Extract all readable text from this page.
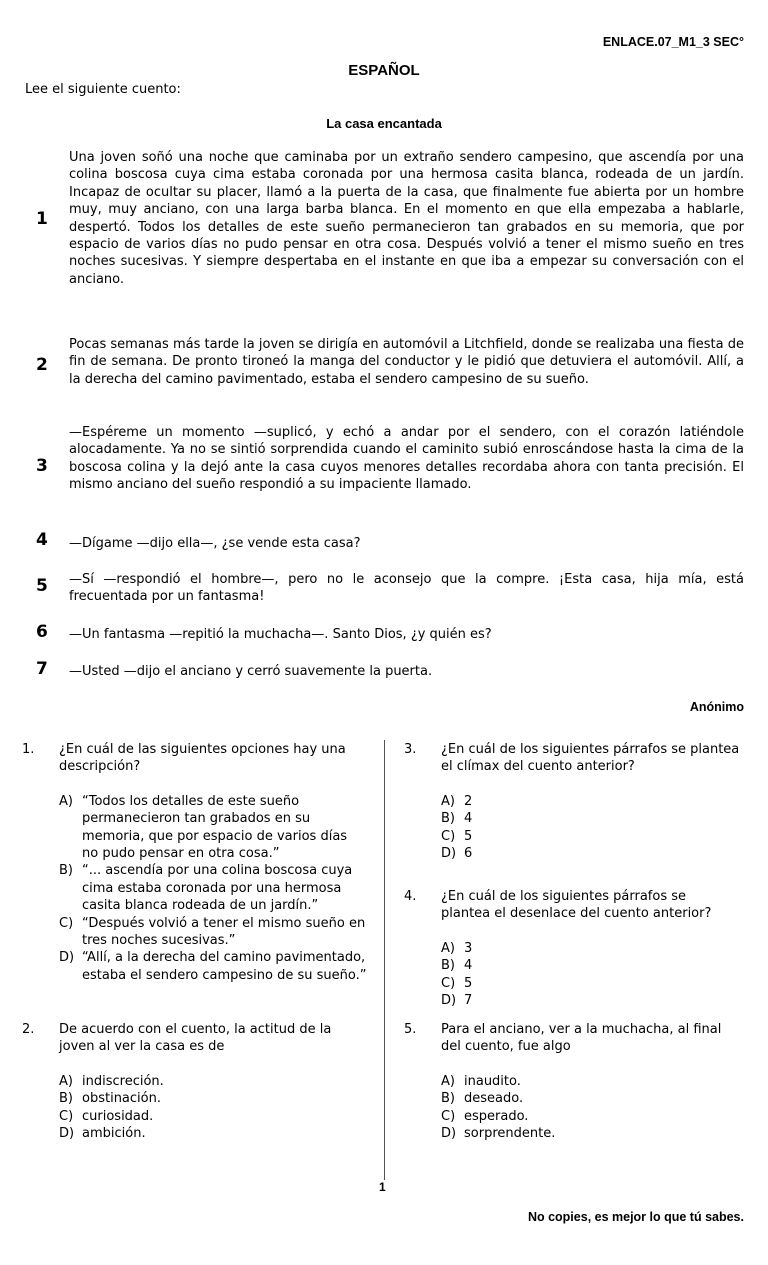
ENLACE.07_M1_3 SEC°
ESPAÑOL
Lee el siguiente cuento:
La casa encantada
1
Una joven soñó una noche que caminaba por un extraño sendero campesino, que ascendía por una colina boscosa cuya cima estaba coronada por una hermosa casita blanca, rodeada de un jardín. Incapaz de ocultar su placer, llamó a la puerta de la casa, que finalmente fue abierta por un hombre muy, muy anciano, con una larga barba blanca. En el momento en que ella empezaba a hablarle, despertó. Todos los detalles de este sueño permanecieron tan grabados en su memoria, que por espacio de varios días no pudo pensar en otra cosa. Después volvió a tener el mismo sueño en tres noches sucesivas. Y siempre despertaba en el instante en que iba a empezar su conversación con el anciano.
2
Pocas semanas más tarde la joven se dirigía en automóvil a Litchfield, donde se realizaba una fiesta de fin de semana. De pronto tironeó la manga del conductor y le pidió que detuviera el automóvil. Allí, a la derecha del camino pavimentado, estaba el sendero campesino de su sueño.
3
—Espéreme un momento —suplicó, y echó a andar por el sendero, con el corazón latiéndole alocadamente. Ya no se sintió sorprendida cuando el caminito subió enroscándose hasta la cima de la boscosa colina y la dejó ante la casa cuyos menores detalles recordaba ahora con tanta precisión. El mismo anciano del sueño respondió a su impaciente llamado.
4 —Dígame —dijo ella—, ¿se vende esta casa?
5 —Sí —respondió el hombre—, pero no le aconsejo que la compre. ¡Esta casa, hija mía, está frecuentada por un fantasma!
6 —Un fantasma —repitió la muchacha—. Santo Dios, ¿y quién es?
7 —Usted —dijo el anciano y cerró suavemente la puerta.
Anónimo
1. ¿En cuál de las siguientes opciones hay una descripción?
A) “Todos los detalles de este sueño permanecieron tan grabados en su memoria, que por espacio de varios días no pudo pensar en otra cosa.”
B) “... ascendía por una colina boscosa cuya cima estaba coronada por una hermosa casita blanca rodeada de un jardín.”
C) “Después volvió a tener el mismo sueño en tres noches sucesivas.”
D) “Allí, a la derecha del camino pavimentado, estaba el sendero campesino de su sueño.”
2. De acuerdo con el cuento, la actitud de la joven al ver la casa es de
A) indiscreción.
B) obstinación.
C) curiosidad.
D) ambición.
3. ¿En cuál de los siguientes párrafos se plantea el clímax del cuento anterior?
A) 2
B) 4
C) 5
D) 6
4. ¿En cuál de los siguientes párrafos se plantea el desenlace del cuento anterior?
A) 3
B) 4
C) 5
D) 7
5. Para el anciano, ver a la muchacha, al final del cuento, fue algo
A) inaudito.
B) deseado.
C) esperado.
D) sorprendente.
1
No copies, es mejor lo que tú sabes.
